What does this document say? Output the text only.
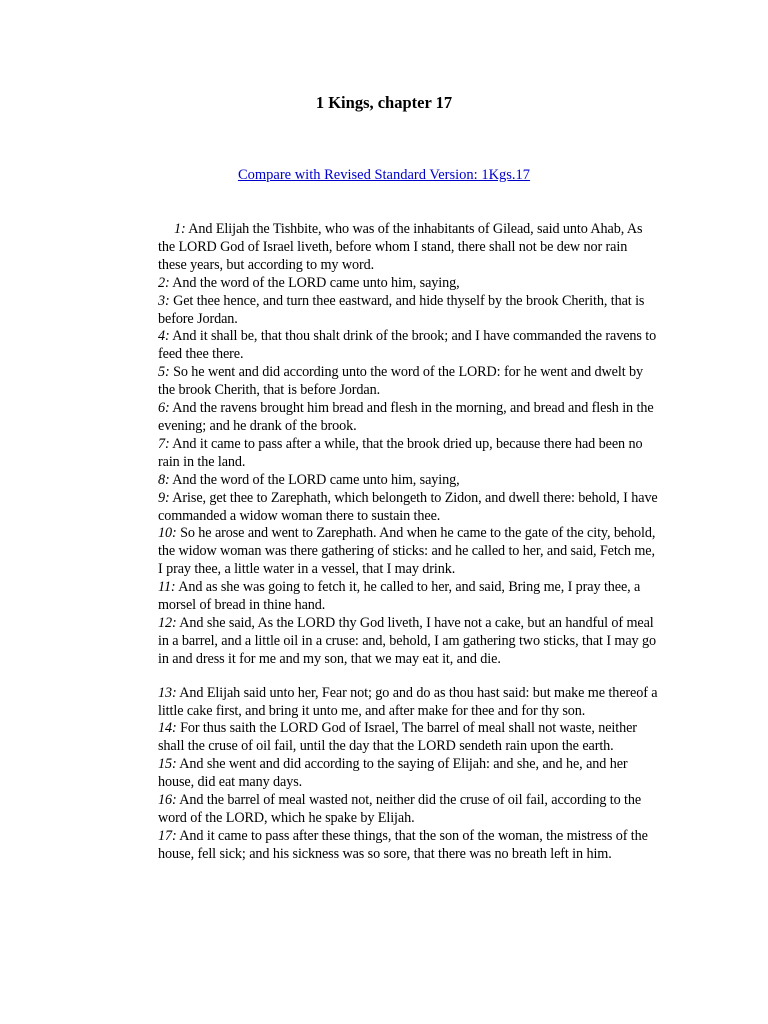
1 Kings, chapter 17
Compare with Revised Standard Version: 1Kgs.17

1: And Elijah the Tishbite, who was of the inhabitants of Gilead, said unto Ahab, As the LORD God of Israel liveth, before whom I stand, there shall not be dew nor rain these years, but according to my word.

2: And the word of the LORD came unto him, saying,

3: Get thee hence, and turn thee eastward, and hide thyself by the brook Cherith, that is before Jordan.

4: And it shall be, that thou shalt drink of the brook; and I have commanded the ravens to feed thee there.

5: So he went and did according unto the word of the LORD: for he went and dwelt by the brook Cherith, that is before Jordan.

6: And the ravens brought him bread and flesh in the morning, and bread and flesh in the evening; and he drank of the brook.

7: And it came to pass after a while, that the brook dried up, because there had been no rain in the land.

8: And the word of the LORD came unto him, saying,

9: Arise, get thee to Zarephath, which belongeth to Zidon, and dwell there: behold, I have commanded a widow woman there to sustain thee.

10: So he arose and went to Zarephath. And when he came to the gate of the city, behold, the widow woman was there gathering of sticks: and he called to her, and said, Fetch me, I pray thee, a little water in a vessel, that I may drink.

11: And as she was going to fetch it, he called to her, and said, Bring me, I pray thee, a morsel of bread in thine hand.

12: And she said, As the LORD thy God liveth, I have not a cake, but an handful of meal in a barrel, and a little oil in a cruse: and, behold, I am gathering two sticks, that I may go in and dress it for me and my son, that we may eat it, and die.

13: And Elijah said unto her, Fear not; go and do as thou hast said: but make me thereof a little cake first, and bring it unto me, and after make for thee and for thy son.

14: For thus saith the LORD God of Israel, The barrel of meal shall not waste, neither shall the cruse of oil fail, until the day that the LORD sendeth rain upon the earth.

15: And she went and did according to the saying of Elijah: and she, and he, and her house, did eat many days.

16: And the barrel of meal wasted not, neither did the cruse of oil fail, according to the word of the LORD, which he spake by Elijah.

17: And it came to pass after these things, that the son of the woman, the mistress of the house, fell sick; and his sickness was so sore, that there was no breath left in him.
